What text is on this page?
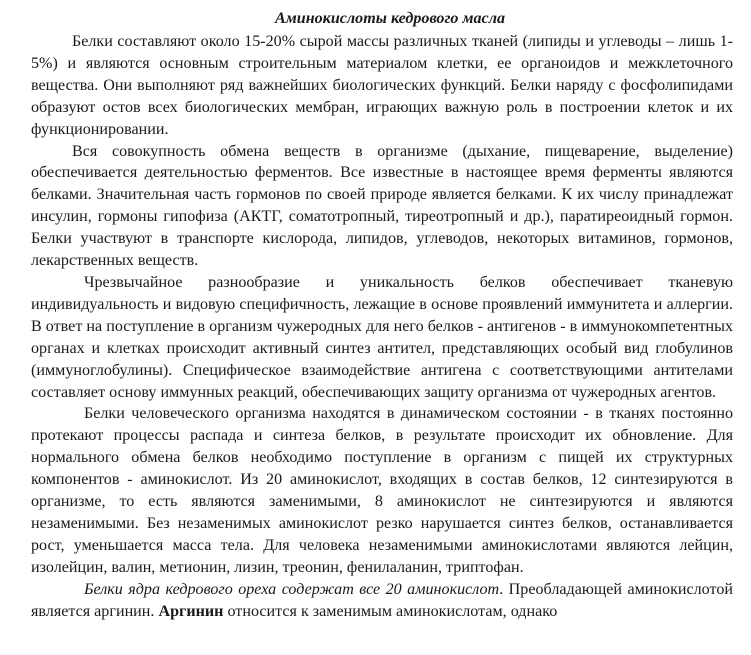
Аминокислоты кедрового масла

Белки составляют около 15-20% сырой массы различных тканей (липиды и углеводы – лишь 1-5%) и являются основным строительным материалом клетки, ее органоидов и межклеточного вещества. Они выполняют ряд важнейших биологических функций. Белки наряду с фосфолипидами образуют остов всех биологических мембран, играющих важную роль в построении клеток и их функционировании.

Вся совокупность обмена веществ в организме (дыхание, пищеварение, выделение) обеспечивается деятельностью ферментов. Все известные в настоящее время ферменты являются белками. Значительная часть гормонов по своей природе является белками. К их числу принадлежат инсулин, гормоны гипофиза (АКТГ, соматотропный, тиреотропный и др.), паратиреоидный гормон. Белки участвуют в транспорте кислорода, липидов, углеводов, некоторых витаминов, гормонов, лекарственных веществ.

Чрезвычайное разнообразие и уникальность белков обеспечивает тканевую индивидуальность и видовую специфичность, лежащие в основе проявлений иммунитета и аллергии. В ответ на поступление в организм чужеродных для него белков - антигенов - в иммунокомпетентных органах и клетках происходит активный синтез антител, представляющих особый вид глобулинов (иммуноглобулины). Специфическое взаимодействие антигена с соответствующими антителами составляет основу иммунных реакций, обеспечивающих защиту организма от чужеродных агентов.

Белки человеческого организма находятся в динамическом состоянии - в тканях постоянно протекают процессы распада и синтеза белков, в результате происходит их обновление. Для нормального обмена белков необходимо поступление в организм с пищей их структурных компонентов - аминокислот. Из 20 аминокислот, входящих в состав белков, 12 синтезируются в организме, то есть являются заменимыми, 8 аминокислот не синтезируются и являются незаменимыми. Без незаменимых аминокислот резко нарушается синтез белков, останавливается рост, уменьшается масса тела. Для человека незаменимыми аминокислотами являются лейцин, изолейцин, валин, метионин, лизин, треонин, фенилаланин, триптофан.

Белки ядра кедрового ореха содержат все 20 аминокислот. Преобладающей аминокислотой является аргинин. Аргинин относится к заменимым аминокислотам, однако
